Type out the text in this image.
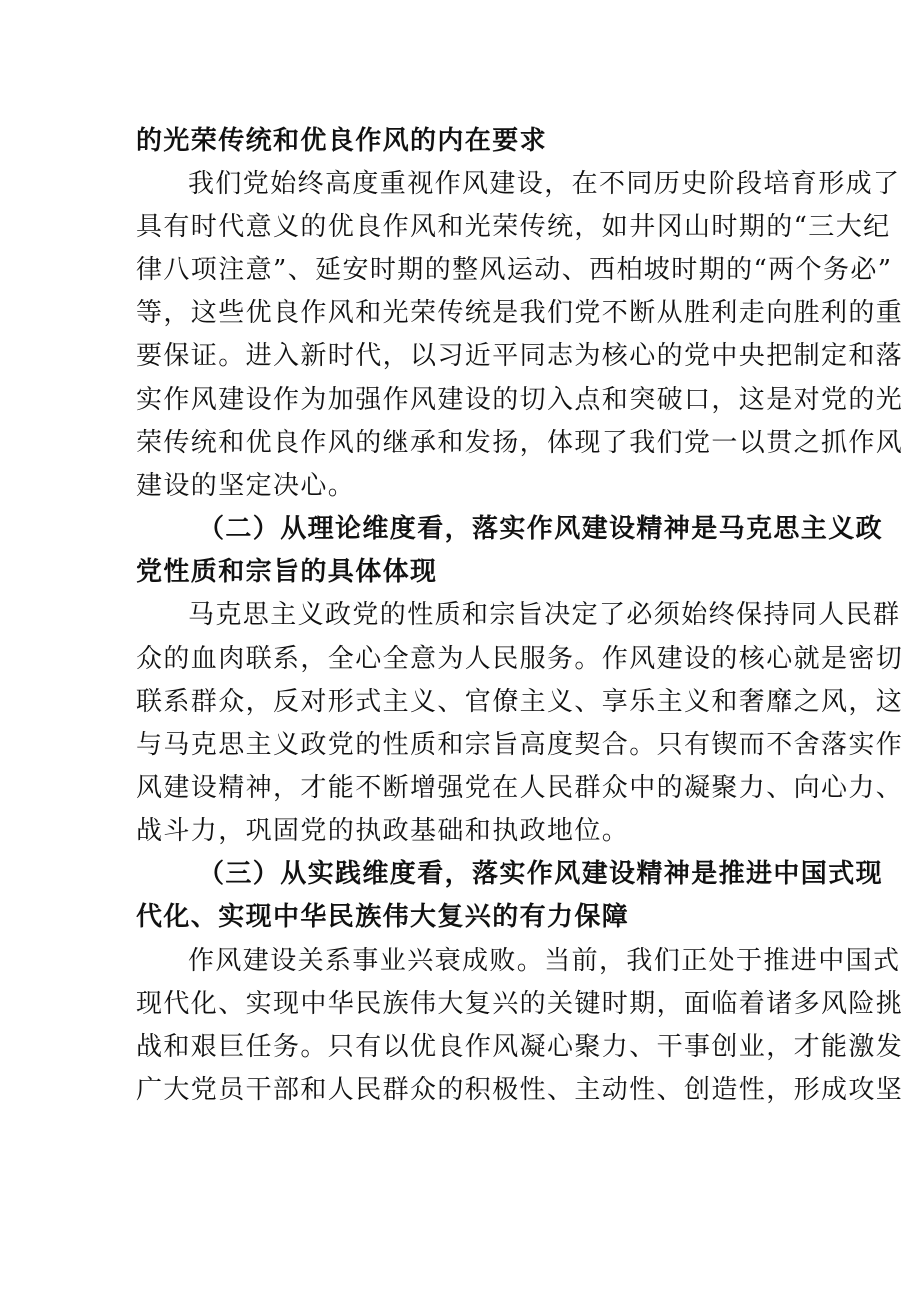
的光荣传统和优良作风的内在要求
我们党始终高度重视作风建设，在不同历史阶段培育形成了
具有时代意义的优良作风和光荣传统，如井冈山时期的“三大纪
律八项注意”、延安时期的整风运动、西柏坡时期的“两个务必”
等，这些优良作风和光荣传统是我们党不断从胜利走向胜利的重
要保证。进入新时代，以习近平同志为核心的党中央把制定和落
实作风建设作为加强作风建设的切入点和突破口，这是对党的光
荣传统和优良作风的继承和发扬，体现了我们党一以贯之抓作风
建设的坚定决心。
（二）从理论维度看，落实作风建设精神是马克思主义政
党性质和宗旨的具体体现
马克思主义政党的性质和宗旨决定了必须始终保持同人民群
众的血肉联系，全心全意为人民服务。作风建设的核心就是密切
联系群众，反对形式主义、官僚主义、享乐主义和奢靡之风，这
与马克思主义政党的性质和宗旨高度契合。只有锲而不舍落实作
风建设精神，才能不断增强党在人民群众中的凝聚力、向心力、
战斗力，巩固党的执政基础和执政地位。
（三）从实践维度看，落实作风建设精神是推进中国式现
代化、实现中华民族伟大复兴的有力保障
作风建设关系事业兴衰成败。当前，我们正处于推进中国式
现代化、实现中华民族伟大复兴的关键时期，面临着诸多风险挑
战和艰巨任务。只有以优良作风凝心聚力、干事创业，才能激发
广大党员干部和人民群众的积极性、主动性、创造性，形成攻坚
